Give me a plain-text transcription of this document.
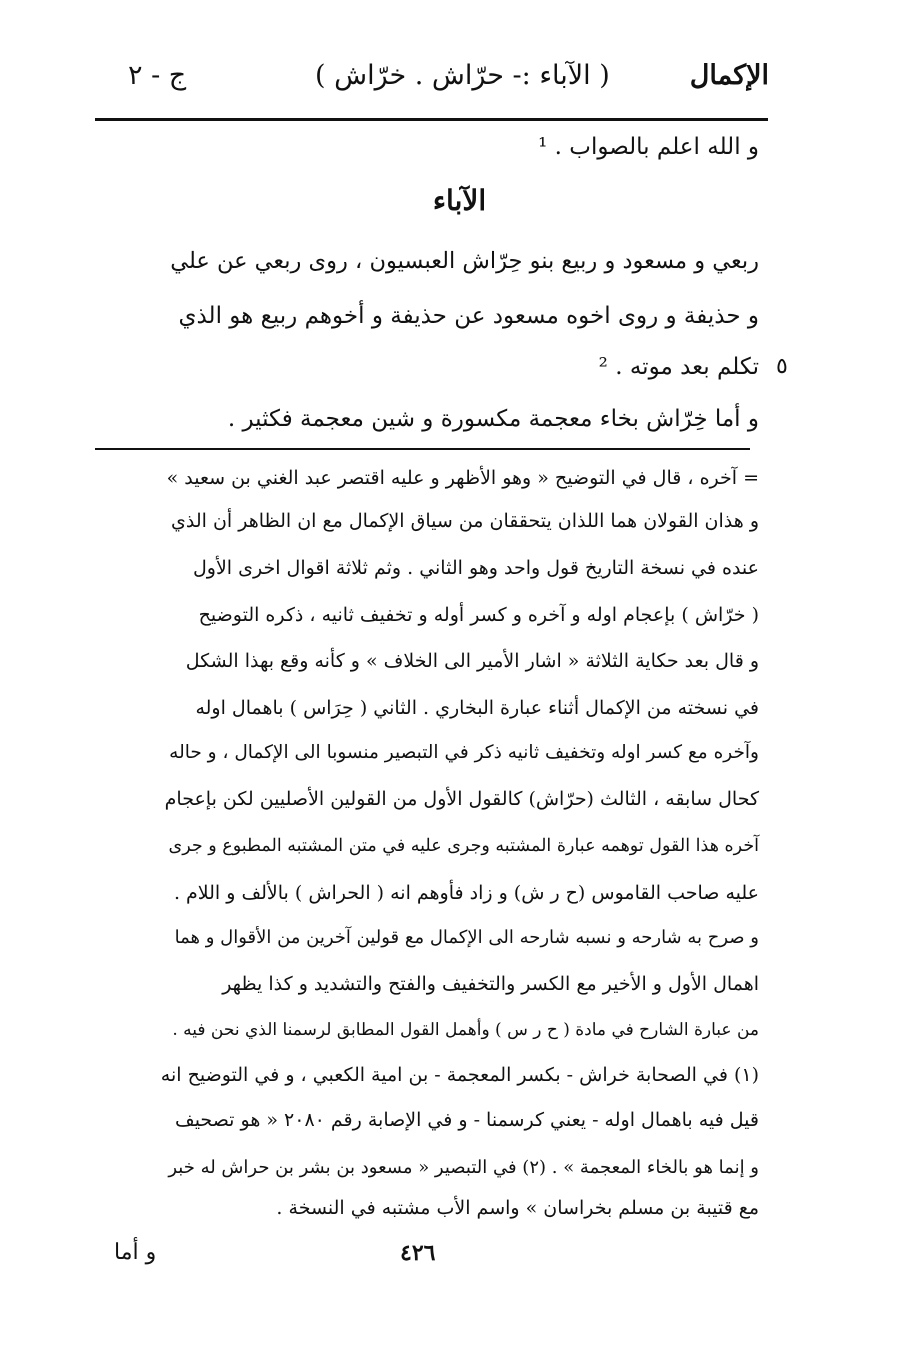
الإكمال
( الآباء :- حرّاش . خرّاش )
ج - ٢
و الله اعلم بالصواب . ¹
الآباء
ربعي و مسعود و ربيع بنو حِرّاش العبسيون ، روى ربعي عن علي
و حذيفة و روى اخوه مسعود عن حذيفة و أخوهم ربيع هو الذي
تكلم بعد موته . ² ٥
و أما خِرّاش بخاء معجمة مكسورة و شين معجمة فكثير .
= آخره ، قال في التوضيح « وهو الأظهر و عليه اقتصر عبد الغني بن سعيد »
و هذان القولان هما اللذان يتحققان من سياق الإكمال مع ان الظاهر أن الذي
عنده في نسخة التاريخ قول واحد وهو الثاني . وثم ثلاثة اقوال اخرى الأول
( خرّاش ) بإعجام اوله و آخره و كسر أوله و تخفيف ثانيه ، ذكره التوضيح
و قال بعد حكاية الثلاثة « اشار الأمير الى الخلاف » و كأنه وقع بهذا الشكل
في نسخته من الإكمال أثناء عبارة البخاري . الثاني ( حِرَاس ) باهمال اوله
وآخره مع كسر اوله وتخفيف ثانيه ذكر في التبصير منسوبا الى الإكمال ، و حاله
كحال سابقه ، الثالث (حرّاش) كالقول الأول من القولين الأصليين لكن بإعجام
آخره هذا القول توهمه عبارة المشتبه وجرى عليه في متن المشتبه المطبوع و جرى
عليه صاحب القاموس (ح ر ش) و زاد فأوهم انه ( الحراش ) بالألف و اللام .
و صرح به شارحه و نسبه شارحه الى الإكمال مع قولين آخرين من الأقوال و هما
اهمال الأول و الأخير مع الكسر والتخفيف والفتح والتشديد و كذا يظهر
من عبارة الشارح في مادة ( ح ر س ) وأهمل القول المطابق لرسمنا الذي نحن فيه .
(١) في الصحابة خراش - بكسر المعجمة - بن امية الكعبي ، و في التوضيح انه
قيل فيه باهمال اوله - يعني كرسمنا - و في الإصابة رقم ٢٠٨٠ « هو تصحيف
و إنما هو بالخاء المعجمة » . (٢) في التبصير « مسعود بن بشر بن حراش له خبر
مع قتيبة بن مسلم بخراسان » واسم الأب مشتبه في النسخة .
٤٢٦
و أما
